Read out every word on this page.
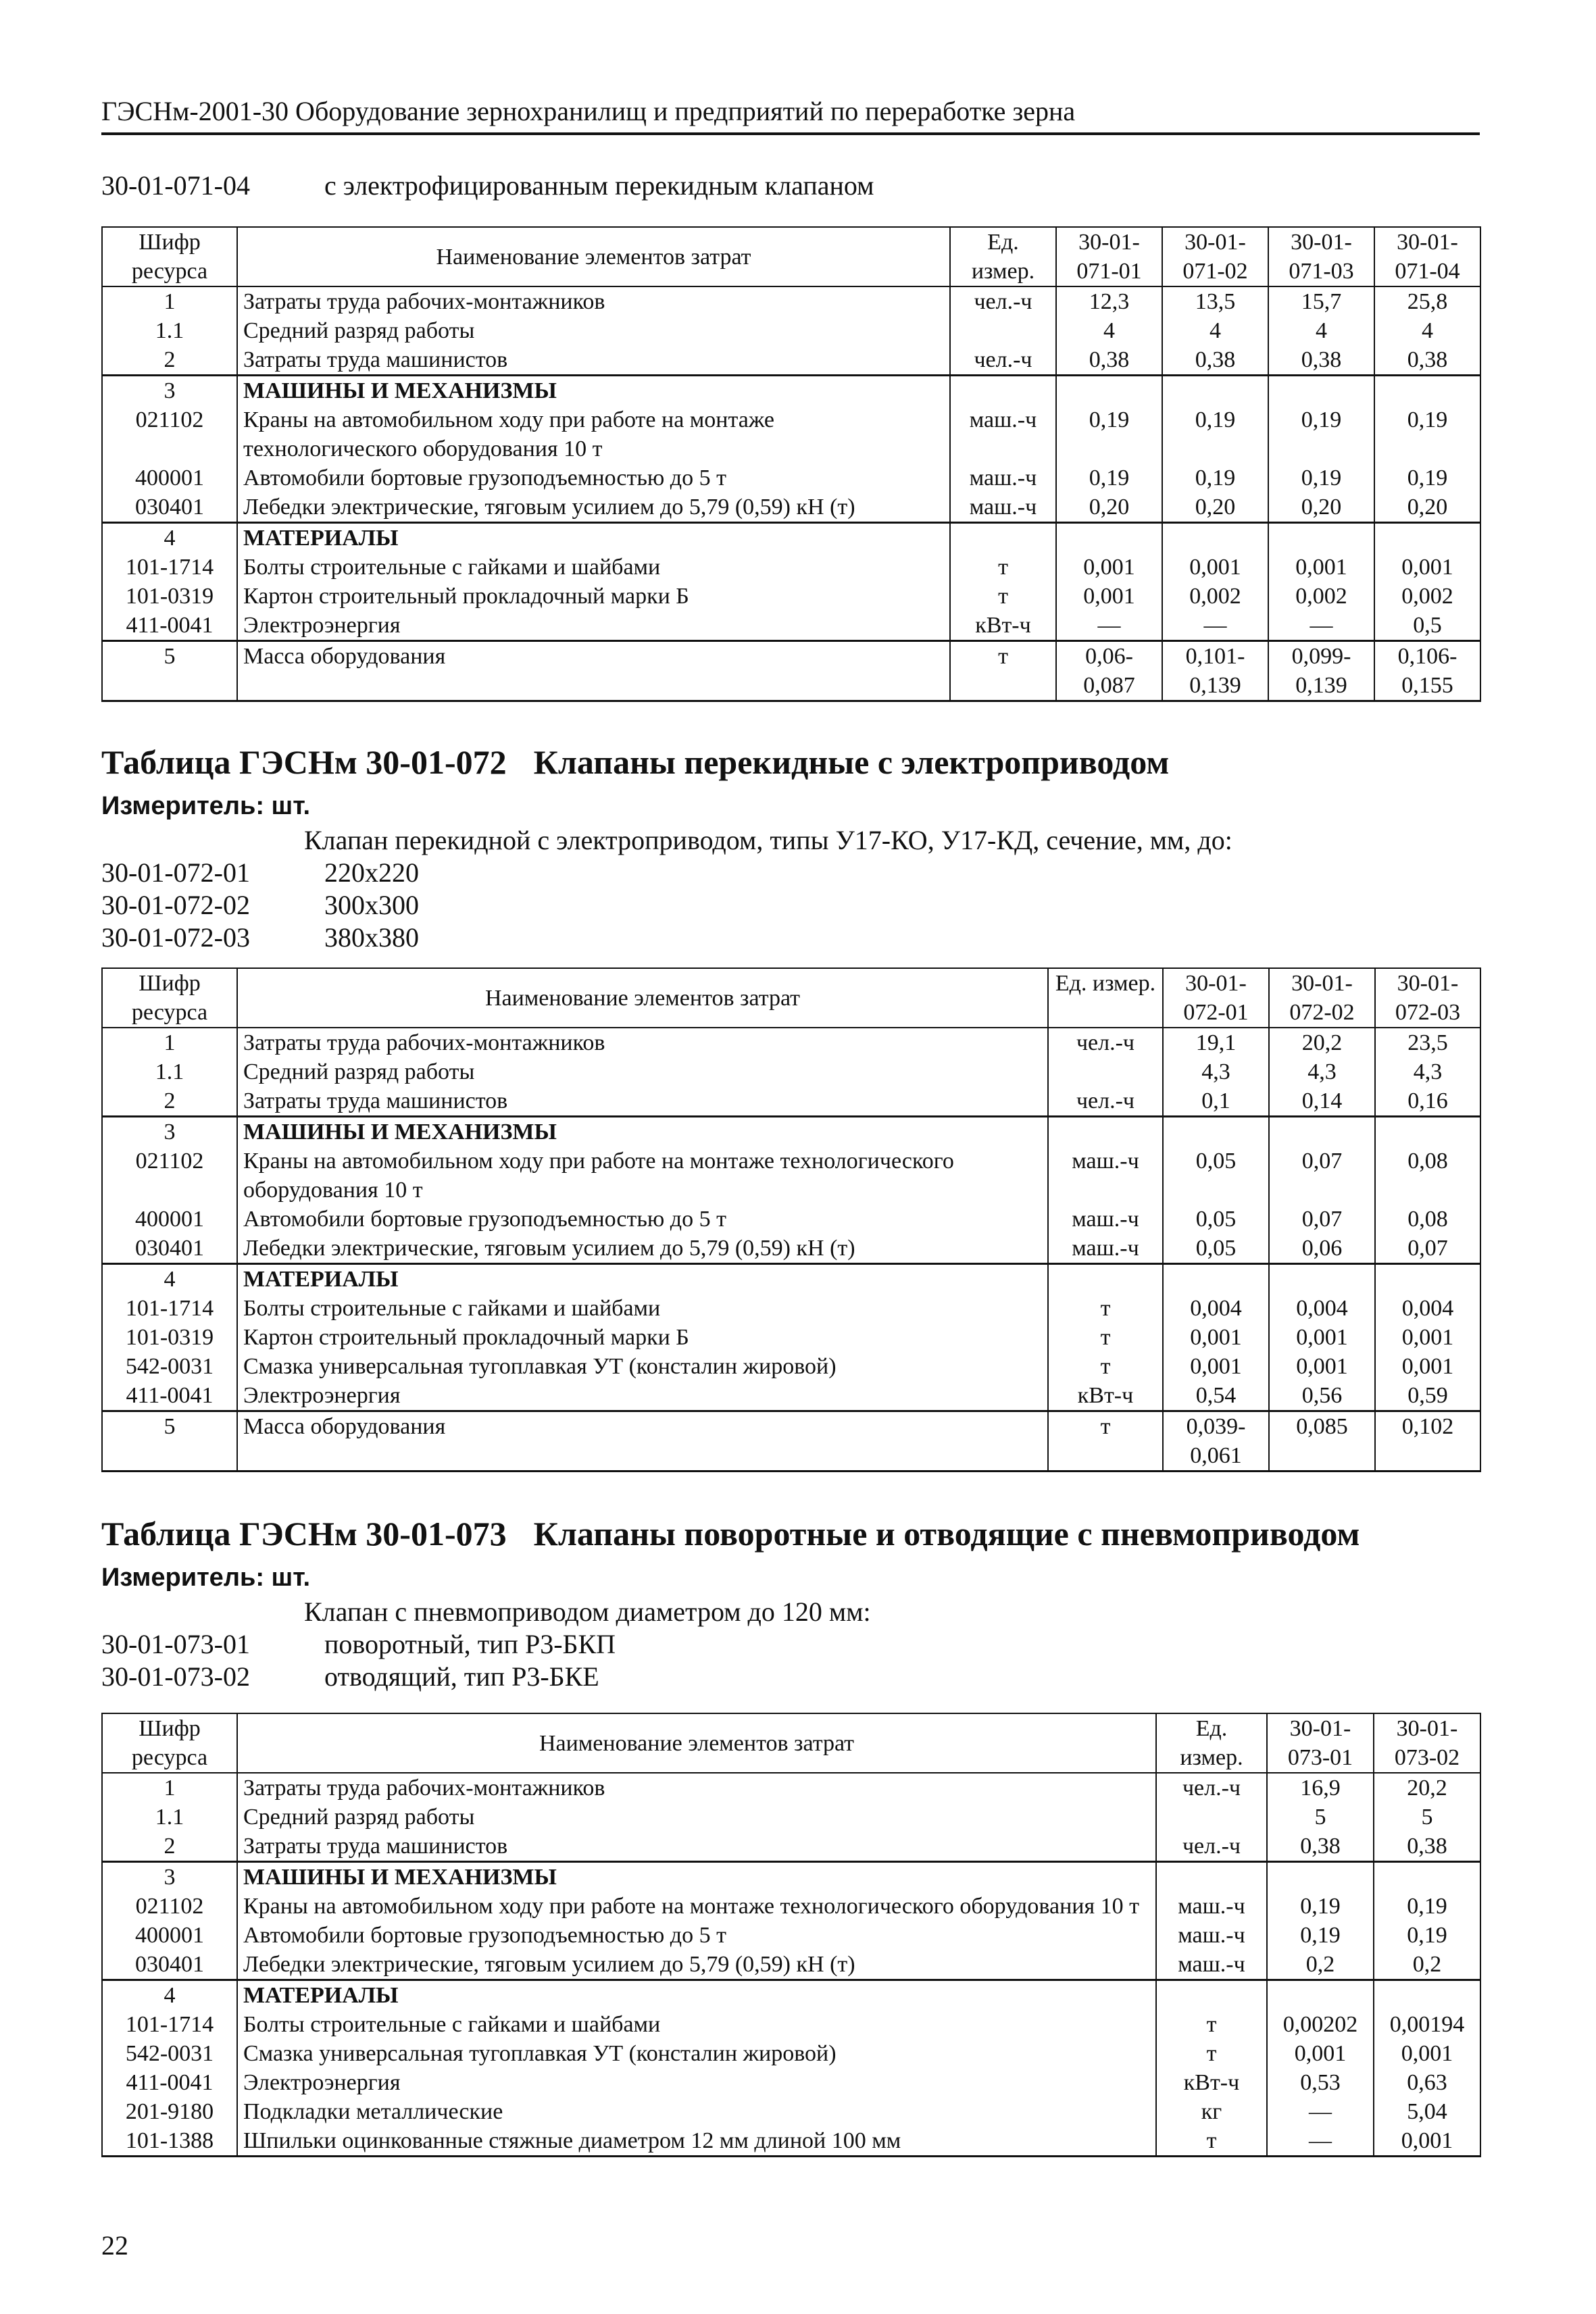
ГЭСНм-2001-30 Оборудование зернохранилищ и предприятий по переработке зерна
30-01-071-04	с электрофицированным перекидным клапаном
Шифр ресурса	Наименование элементов затрат	Ед. измер.	30-01-071-01	30-01-071-02	30-01-071-03	30-01-071-04
1	Затраты труда рабочих-монтажников	чел.-ч	12,3	13,5	15,7	25,8
1.1	Средний разряд работы		4	4	4	4
2	Затраты труда машинистов	чел.-ч	0,38	0,38	0,38	0,38
3	МАШИНЫ И МЕХАНИЗМЫ					
021102	Краны на автомобильном ходу при работе на монтаже технологического оборудования 10 т	маш.-ч	0,19	0,19	0,19	0,19
400001	Автомобили бортовые грузоподъемностью до 5 т	маш.-ч	0,19	0,19	0,19	0,19
030401	Лебедки электрические, тяговым усилием до 5,79 (0,59) кН (т)	маш.-ч	0,20	0,20	0,20	0,20
4	МАТЕРИАЛЫ					
101-1714	Болты строительные с гайками и шайбами	т	0,001	0,001	0,001	0,001
101-0319	Картон строительный прокладочный марки Б	т	0,001	0,002	0,002	0,002
411-0041	Электроэнергия	кВт-ч	—	—	—	0,5
5	Масса оборудования	т	0,06-0,087	0,101-0,139	0,099-0,139	0,106-0,155
Таблица ГЭСНм 30-01-072 Клапаны перекидные с электроприводом
Измеритель: шт.
Клапан перекидной с электроприводом, типы У17-КО, У17-КД, сечение, мм, до:
30-01-072-01	220х220
30-01-072-02	300х300
30-01-072-03	380х380
Шифр ресурса	Наименование элементов затрат	Ед. измер.	30-01-072-01	30-01-072-02	30-01-072-03
1	Затраты труда рабочих-монтажников	чел.-ч	19,1	20,2	23,5
1.1	Средний разряд работы		4,3	4,3	4,3
2	Затраты труда машинистов	чел.-ч	0,1	0,14	0,16
3	МАШИНЫ И МЕХАНИЗМЫ				
021102	Краны на автомобильном ходу при работе на монтаже технологического оборудования 10 т	маш.-ч	0,05	0,07	0,08
400001	Автомобили бортовые грузоподъемностью до 5 т	маш.-ч	0,05	0,07	0,08
030401	Лебедки электрические, тяговым усилием до 5,79 (0,59) кН (т)	маш.-ч	0,05	0,06	0,07
4	МАТЕРИАЛЫ				
101-1714	Болты строительные с гайками и шайбами	т	0,004	0,004	0,004
101-0319	Картон строительный прокладочный марки Б	т	0,001	0,001	0,001
542-0031	Смазка универсальная тугоплавкая УТ (консталин жировой)	т	0,001	0,001	0,001
411-0041	Электроэнергия	кВт-ч	0,54	0,56	0,59
5	Масса оборудования	т	0,039-0,061	0,085	0,102
Таблица ГЭСНм 30-01-073 Клапаны поворотные и отводящие с пневмоприводом
Измеритель: шт.
Клапан с пневмоприводом диаметром до 120 мм:
30-01-073-01	поворотный, тип Р3-БКП
30-01-073-02	отводящий, тип Р3-БКЕ
Шифр ресурса	Наименование элементов затрат	Ед. измер.	30-01-073-01	30-01-073-02
1	Затраты труда рабочих-монтажников	чел.-ч	16,9	20,2
1.1	Средний разряд работы		5	5
2	Затраты труда машинистов	чел.-ч	0,38	0,38
3	МАШИНЫ И МЕХАНИЗМЫ			
021102	Краны на автомобильном ходу при работе на монтаже технологического оборудования 10 т	маш.-ч	0,19	0,19
400001	Автомобили бортовые грузоподъемностью до 5 т	маш.-ч	0,19	0,19
030401	Лебедки электрические, тяговым усилием до 5,79 (0,59) кН (т)	маш.-ч	0,2	0,2
4	МАТЕРИАЛЫ			
101-1714	Болты строительные с гайками и шайбами	т	0,00202	0,00194
542-0031	Смазка универсальная тугоплавкая УТ (консталин жировой)	т	0,001	0,001
411-0041	Электроэнергия	кВт-ч	0,53	0,63
201-9180	Подкладки металлические	кг	—	5,04
101-1388	Шпильки оцинкованные стяжные диаметром 12 мм длиной 100 мм	т	—	0,001
22
